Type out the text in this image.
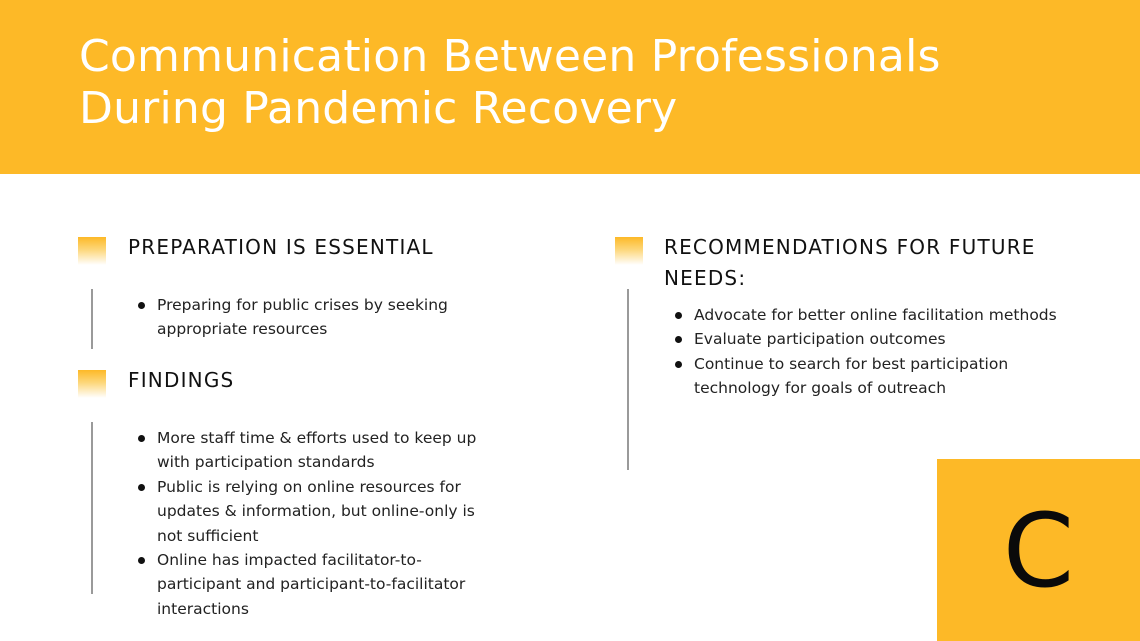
Communication Between Professionals
During Pandemic Recovery
PREPARATION IS ESSENTIAL
Preparing for public crises by seeking
appropriate resources
FINDINGS
More staff time & efforts used to keep up
with participation standards
Public is relying on online resources for
updates & information, but online-only is
not sufficient
Online has impacted facilitator-to-
participant and participant-to-facilitator
interactions
RECOMMENDATIONS FOR FUTURE
NEEDS:
Advocate for better online facilitation methods
Evaluate participation outcomes
Continue to search for best participation
technology for goals of outreach
C
